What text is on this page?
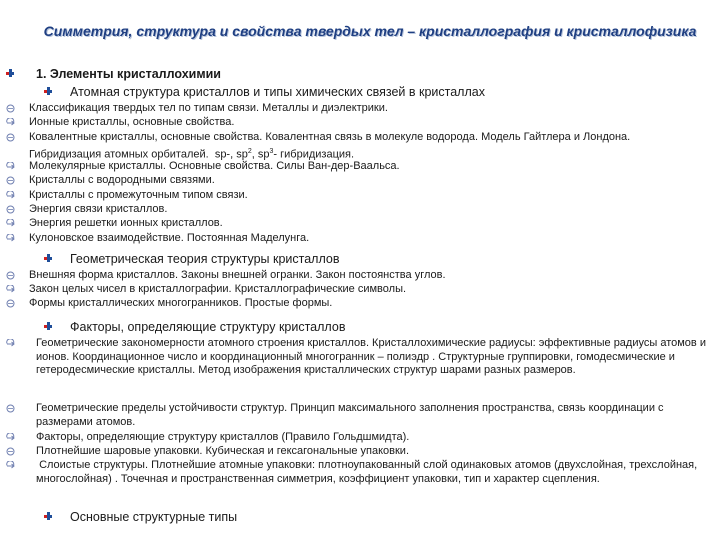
Симметрия, структура и свойства твердых тел – кристаллография и кристаллофизика
1. Элементы кристаллохимии
Атомная структура кристаллов и типы химических связей в кристаллах
Классификация твердых тел по типам связи. Металлы и диэлектрики.
Ионные кристаллы, основные свойства.
Ковалентные кристаллы, основные свойства. Ковалентная связь в молекуле водорода. Модель Гайтлера и Лондона.
Гибридизация атомных орбиталей. sp-, $sp^2$, $sp^3-$ гибридизация.
Молекулярные кристаллы. Основные свойства. Силы Ван-дер-Ваальса.
Кристаллы с водородными связями.
Кристаллы с промежуточным типом связи.
Энергия связи кристаллов.
Энергия решетки ионных кристаллов.
Кулоновское взаимодействие. Постоянная Маделунга.
Геометрическая теория структуры кристаллов
Внешняя форма кристаллов. Законы внешней огранки. Закон постоянства углов.
Закон целых чисел в кристаллографии. Кристаллографические символы.
Формы кристаллических многогранников. Простые формы.
Факторы, определяющие структуру кристаллов
Геометрические закономерности атомного строения кристаллов. Кристаллохимические радиусы: эффективные радиусы атомов и ионов. Координационное число и координационный многогранник – полиэдр . Структурные группировки, гомодесмические и гетеродесмические кристаллы. Метод изображения кристаллических структур шарами разных размеров.
Геометрические пределы устойчивости структур. Принцип максимального заполнения пространства, связь координации с размерами атомов.
Факторы, определяющие структуру кристаллов (Правило Гольдшмидта).
Плотнейшие шаровые упаковки. Кубическая и гексагональные упаковки.
Слоистые структуры. Плотнейшие атомные упаковки: плотноупакованный слой одинаковых атомов (двухслойная, трехслойная, многослойная) . Точечная и пространственная симметрия, коэффициент упаковки, тип и характер сцепления.
Основные структурные типы
